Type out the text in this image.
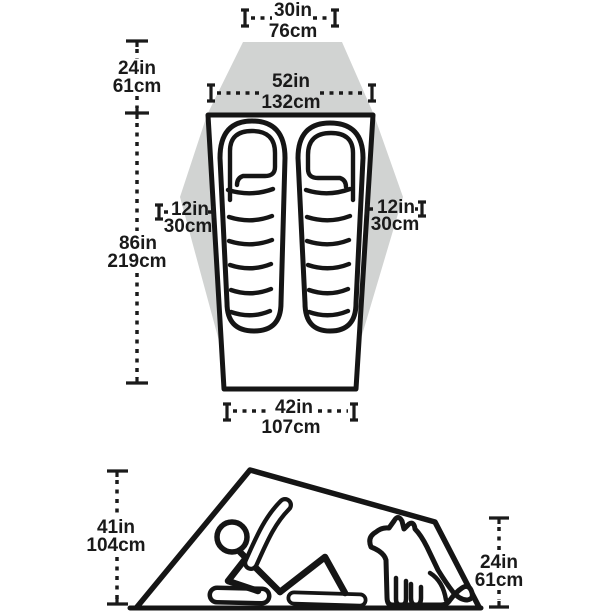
30in
76cm
52in
132cm
24in
61cm
86in
219cm
12in
30cm
12in
30cm
42in
107cm
41in
104cm
24in
61cm
